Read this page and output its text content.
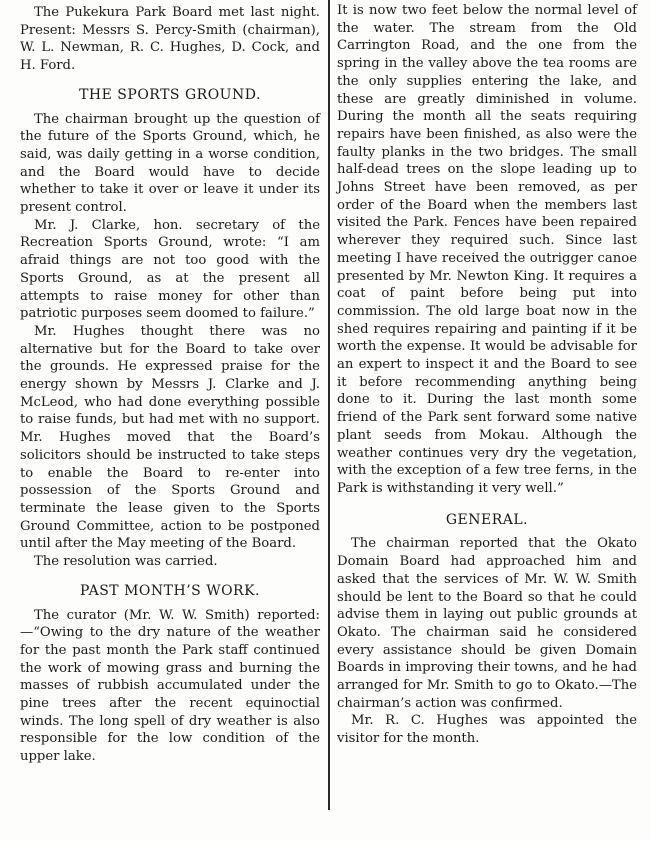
The Pukekura Park Board met last night. Present: Messrs S. Percy-Smith (chairman), W. L. Newman, R. C. Hughes, D. Cock, and H. Ford.

THE SPORTS GROUND.

The chairman brought up the question of the future of the Sports Ground, which, he said, was daily getting in a worse condition, and the Board would have to decide whether to take it over or leave it under its present control.

Mr. J. Clarke, hon. secretary of the Recreation Sports Ground, wrote: “I am afraid things are not too good with the Sports Ground, as at the present all attempts to raise money for other than patriotic purposes seem doomed to failure.”

Mr. Hughes thought there was no alternative but for the Board to take over the grounds. He expressed praise for the energy shown by Messrs J. Clarke and J. McLeod, who had done everything possible to raise funds, but had met with no support. Mr. Hughes moved that the Board’s solicitors should be instructed to take steps to enable the Board to re-enter into possession of the Sports Ground and terminate the lease given to the Sports Ground Committee, action to be postponed until after the May meeting of the Board.

The resolution was carried.

PAST MONTH’S WORK.

The curator (Mr. W. W. Smith) reported:—“Owing to the dry nature of the weather for the past month the Park staff continued the work of mowing grass and burning the masses of rubbish accumulated under the pine trees after the recent equinoctial winds. The long spell of dry weather is also responsible for the low condition of the upper lake.

It is now two feet below the normal level of the water. The stream from the Old Carrington Road, and the one from the spring in the valley above the tea rooms are the only supplies entering the lake, and these are greatly diminished in volume. During the month all the seats requiring repairs have been finished, as also were the faulty planks in the two bridges. The small half-dead trees on the slope leading up to Johns Street have been removed, as per order of the Board when the members last visited the Park. Fences have been repaired wherever they required such. Since last meeting I have received the outrigger canoe presented by Mr. Newton King. It requires a coat of paint before being put into commission. The old large boat now in the shed requires repairing and painting if it be worth the expense. It would be advisable for an expert to inspect it and the Board to see it before recommending anything being done to it. During the last month some friend of the Park sent forward some native plant seeds from Mokau. Although the weather continues very dry the vegetation, with the exception of a few tree ferns, in the Park is withstanding it very well.”

GENERAL.

The chairman reported that the Okato Domain Board had approached him and asked that the services of Mr. W. W. Smith should be lent to the Board so that he could advise them in laying out public grounds at Okato. The chairman said he considered every assistance should be given Domain Boards in improving their towns, and he had arranged for Mr. Smith to go to Okato.—The chairman’s action was confirmed.

Mr. R. C. Hughes was appointed the visitor for the month.
